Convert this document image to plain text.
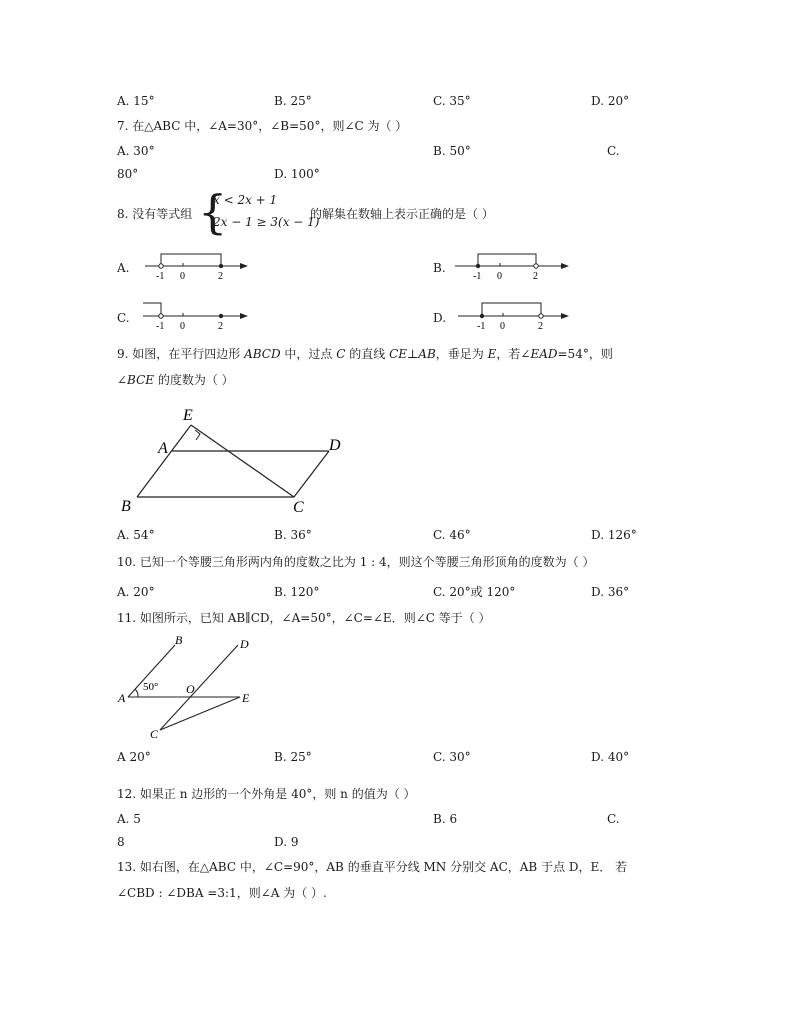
A. 15°	B. 25°	C. 35°	D. 20°
7. 在△ABC 中，∠A=30°，∠B=50°，则∠C 为（ ）
A. 30°	B. 50°	C.
80°	D. 100°
8. 没有等式组 {
x < 2x + 1
2x − 1 ≥ 3(x − 1)
的解集在数轴上表示正确的是（ ）
A.	B.
C.	D.
-1 0	2	-1 0	2
-1 0	2	-1 0	2
E
A	D
B	C
B	D
A
50° O
E
C
9. 如图，在平行四边形 ABCD 中，过点 C 的直线 CE⊥AB，垂足为 E，若∠EAD=54°，则
∠BCE 的度数为（ ）
A. 54°	B. 36°	C. 46°	D. 126°
10. 已知一个等腰三角形两内角的度数之比为 1 : 4，则这个等腰三角形顶角的度数为（ ）
A. 20°	B. 120°	C. 20°或 120°	D. 36°
11. 如图所示，已知 AB∥CD，∠A=50°，∠C=∠E．则∠C 等于（ ）
A 20°	B. 25°	C. 30°	D. 40°
12. 如果正 n 边形的一个外角是 40°，则 n 的值为（ ）
A. 5	B. 6	C.
8	D. 9
13. 如右图，在△ABC 中，∠C=90°，AB 的垂直平分线 MN 分别交 AC，AB 于点 D，E． 若
∠CBD : ∠DBA =3:1，则∠A 为（ ）.
